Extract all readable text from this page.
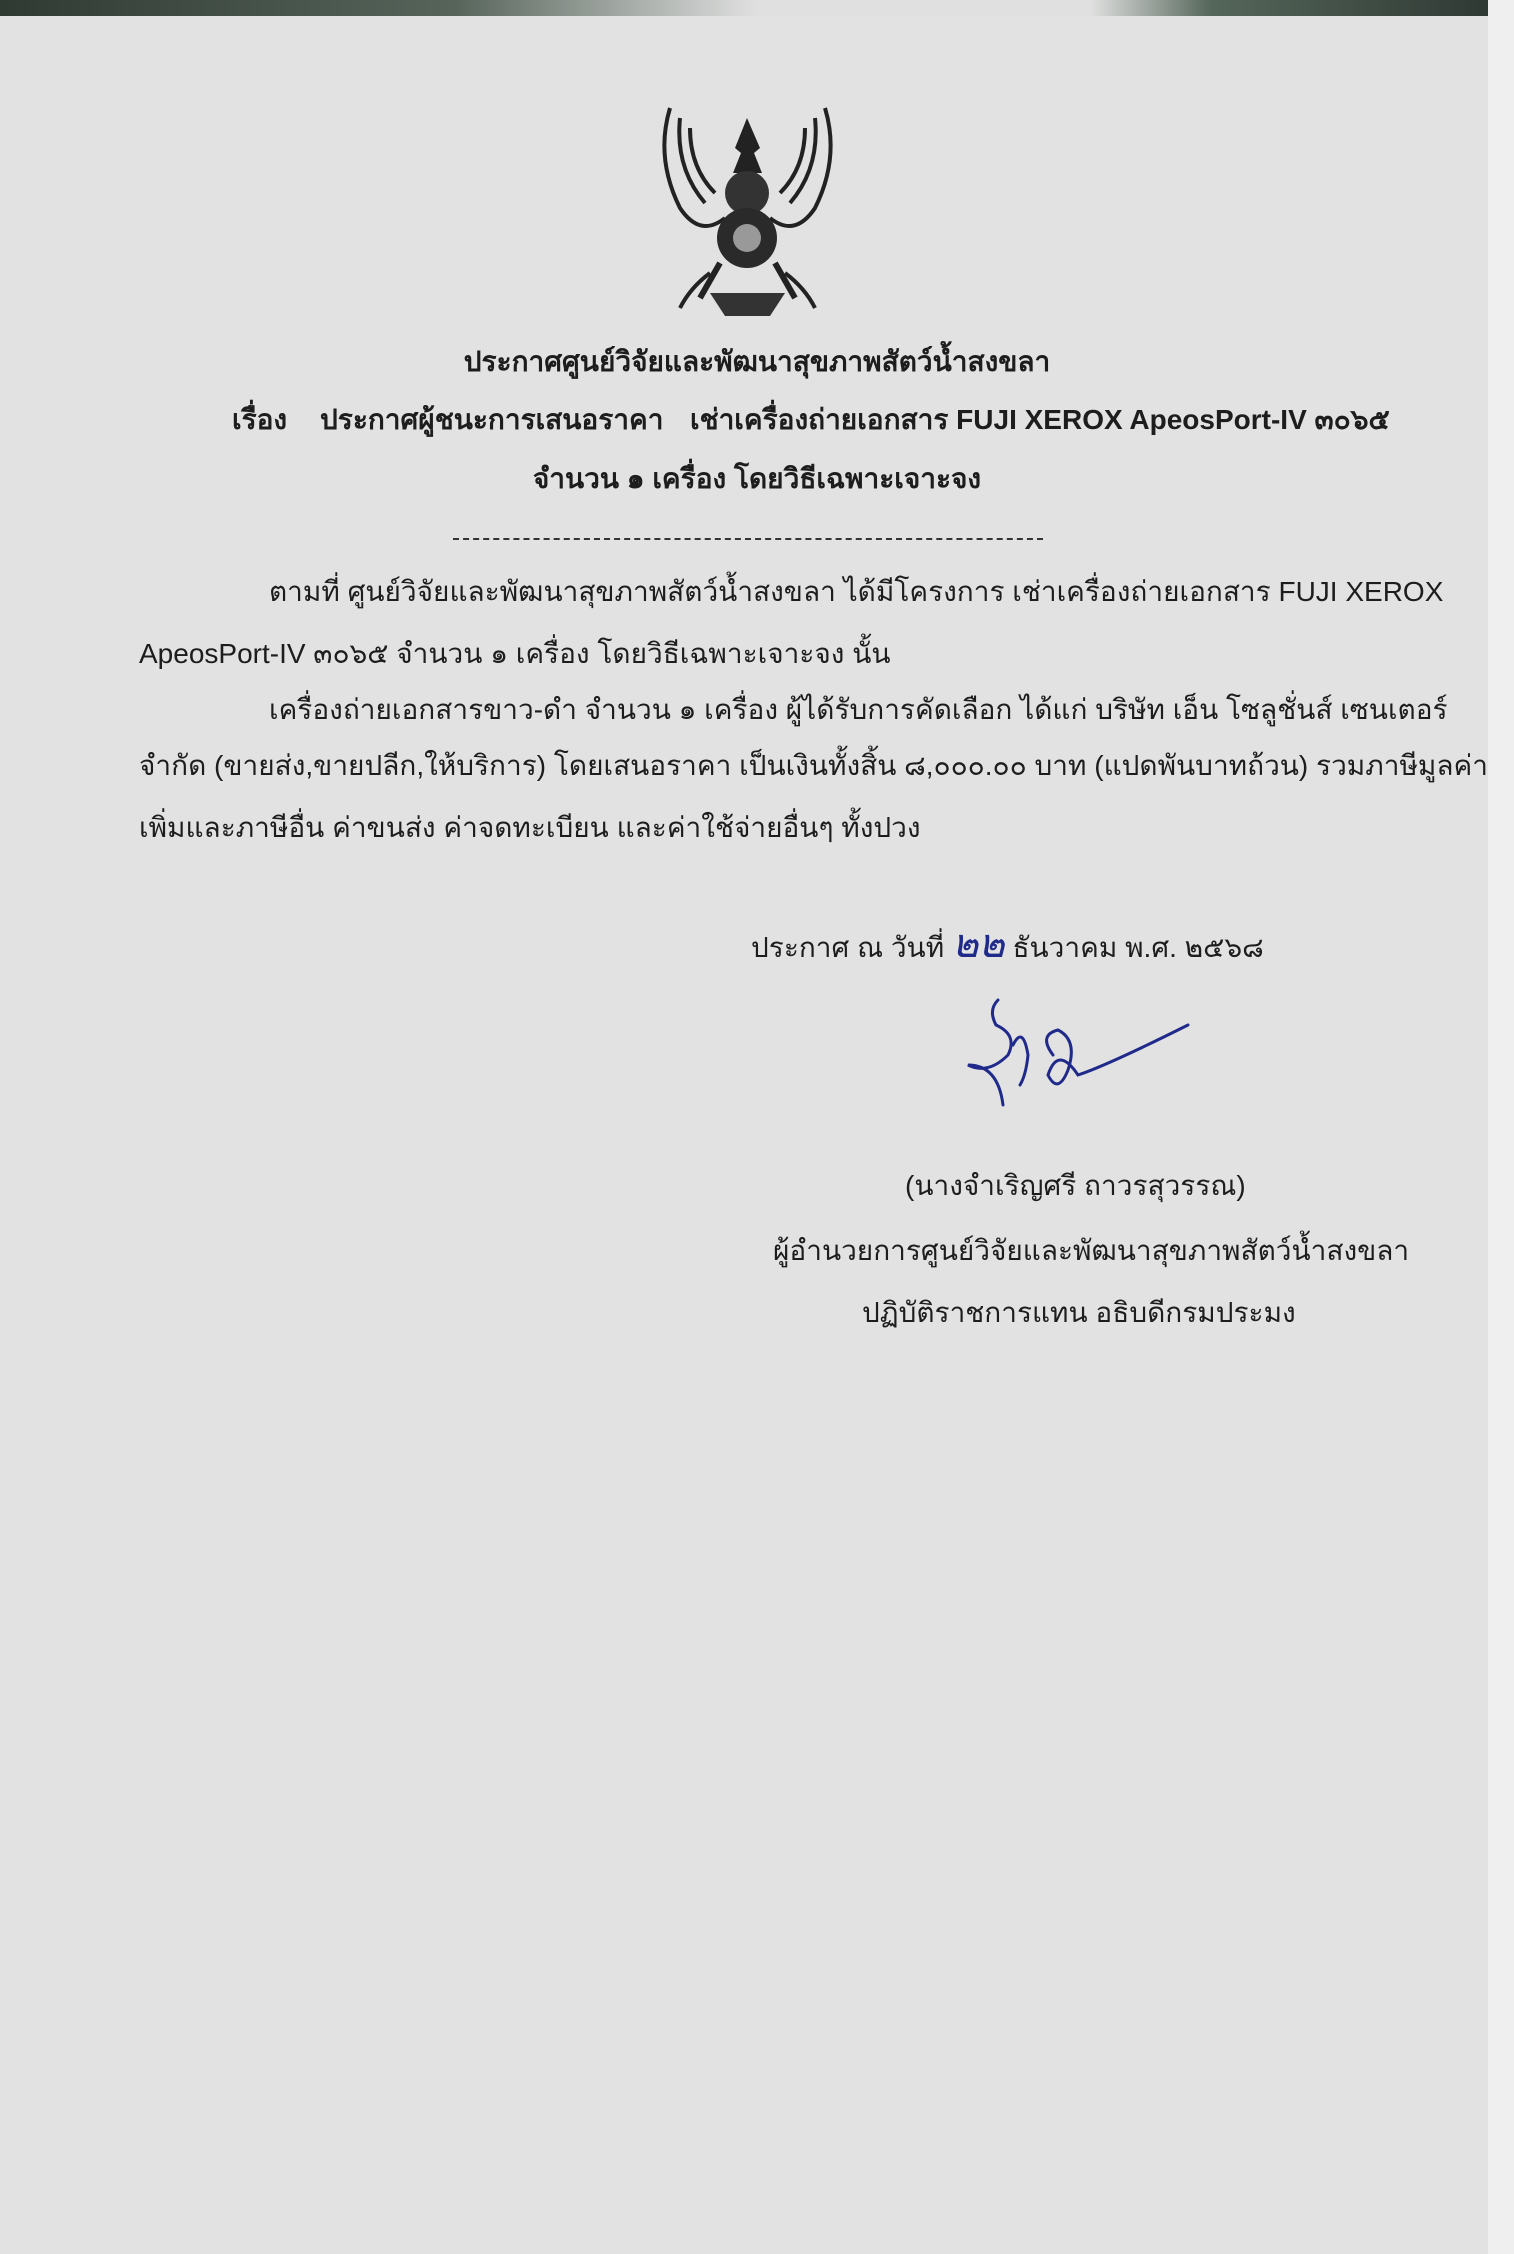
ประกาศศูนย์วิจัยและพัฒนาสุขภาพสัตว์น้ำสงขลา
เรื่อง ประกาศผู้ชนะการเสนอราคา เช่าเครื่องถ่ายเอกสาร FUJI XEROX ApeosPort-IV ๓๐๖๕
จำนวน ๑ เครื่อง โดยวิธีเฉพาะเจาะจง
ตามที่ ศูนย์วิจัยและพัฒนาสุขภาพสัตว์น้ำสงขลา ได้มีโครงการ เช่าเครื่องถ่ายเอกสาร FUJI XEROX
ApeosPort-IV ๓๐๖๕ จำนวน ๑ เครื่อง โดยวิธีเฉพาะเจาะจง นั้น
เครื่องถ่ายเอกสารขาว-ดำ จำนวน ๑ เครื่อง ผู้ได้รับการคัดเลือก ได้แก่ บริษัท เอ็น โซลูชั่นส์ เซนเตอร์
จำกัด (ขายส่ง,ขายปลีก,ให้บริการ) โดยเสนอราคา เป็นเงินทั้งสิ้น ๘,๐๐๐.๐๐ บาท (แปดพันบาทถ้วน) รวมภาษีมูลค่า
เพิ่มและภาษีอื่น ค่าขนส่ง ค่าจดทะเบียน และค่าใช้จ่ายอื่นๆ ทั้งปวง
ประกาศ ณ วันที่ ๒๒ ธันวาคม พ.ศ. ๒๕๖๘
(นางจำเริญศรี ถาวรสุวรรณ)
ผู้อำนวยการศูนย์วิจัยและพัฒนาสุขภาพสัตว์น้ำสงขลา
ปฏิบัติราชการแทน อธิบดีกรมประมง
